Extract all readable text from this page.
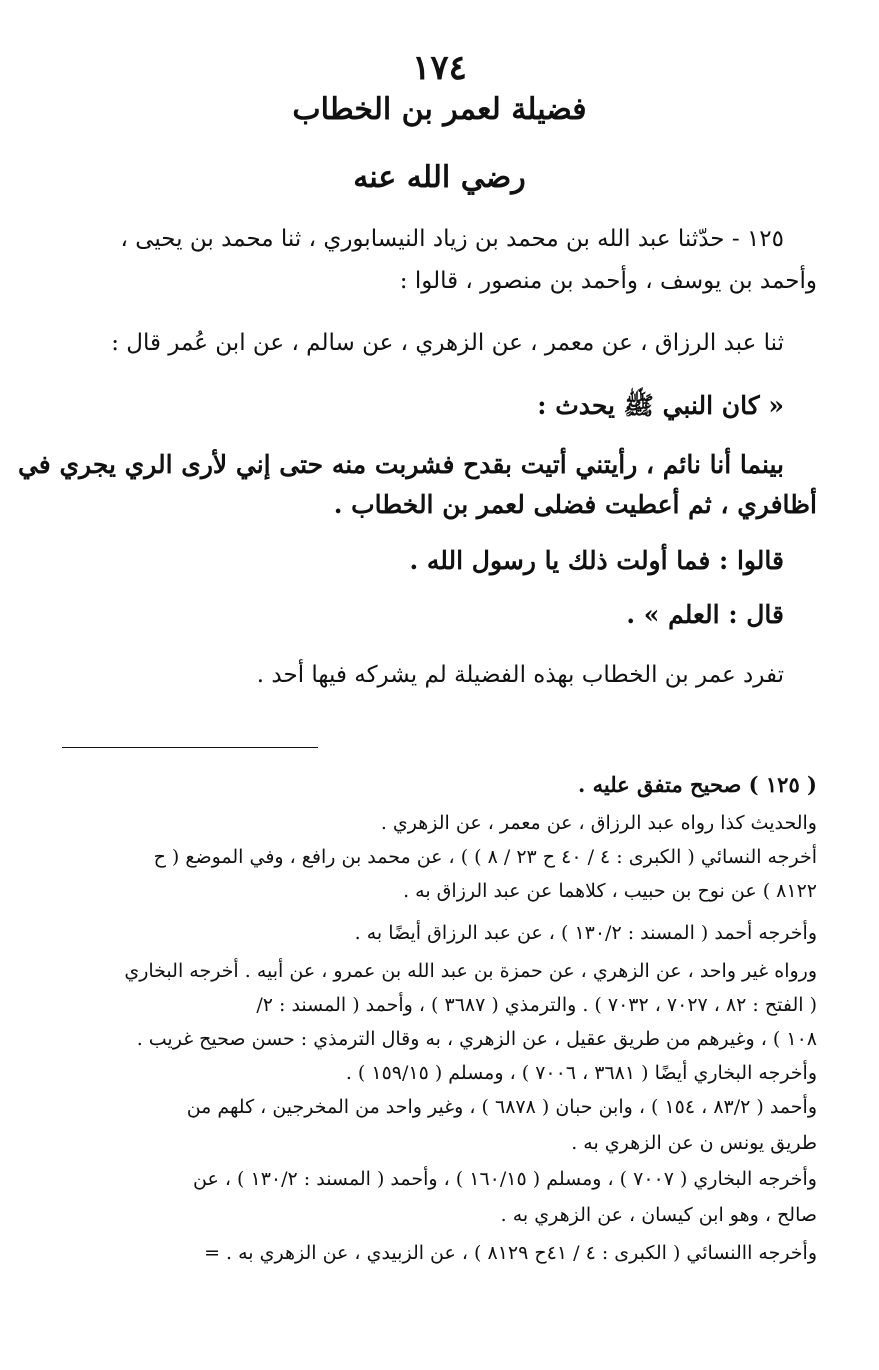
١٧٤
فضيلة لعمر بن الخطاب
رضي الله عنه
١٢٥ - حدّثنا عبد الله بن محمد بن زياد النيسابوري ، ثنا محمد بن يحيى ،
وأحمد بن يوسف ، وأحمد بن منصور ، قالوا :
ثنا عبد الرزاق ، عن معمر ، عن الزهري ، عن سالم ، عن ابن عُمر قال :
« كان النبي ﷺ يحدث :
بينما أنا نائم ، رأيتني أتيت بقدح فشربت منه حتى إني لأرى الري يجري في
أظافري ، ثم أعطيت فضلى لعمر بن الخطاب .
قالوا : فما أولت ذلك يا رسول الله .
قال : العلم » .
تفرد عمر بن الخطاب بهذه الفضيلة لم يشركه فيها أحد .
( ١٢٥ ) صحيح متفق عليه .
والحديث كذا رواه عبد الرزاق ، عن معمر ، عن الزهري .
أخرجه النسائي ( الكبرى : ٤ / ٤٠ ح ٢٣ / ٨ ) ) ، عن محمد بن رافع ، وفي الموضع ( ح
٨١٢٢ ) عن نوح بن حبيب ، كلاهما عن عبد الرزاق به .
وأخرجه أحمد ( المسند : ١٣٠/٢ ) ، عن عبد الرزاق أيضًا به .
ورواه غير واحد ، عن الزهري ، عن حمزة بن عبد الله بن عمرو ، عن أبيه . أخرجه البخاري
( الفتح : ٨٢ ، ٧٠٢٧ ، ٧٠٣٢ ) . والترمذي ( ٣٦٨٧ ) ، وأحمد ( المسند : ٢/
١٠٨ ) ، وغيرهم من طريق عقيل ، عن الزهري ، به وقال الترمذي : حسن صحيح غريب .
وأخرجه البخاري أيضًا ( ٣٦٨١ ، ٧٠٠٦ ) ، ومسلم ( ١٥٩/١٥ ) .
وأحمد ( ٨٣/٢ ، ١٥٤ ) ، وابن حبان ( ٦٨٧٨ ) ، وغير واحد من المخرجين ، كلهم من
طريق يونس ن عن الزهري به .
وأخرجه البخاري ( ٧٠٠٧ ) ، ومسلم ( ١٦٠/١٥ ) ، وأحمد ( المسند : ١٣٠/٢ ) ، عن
صالح ، وهو ابن كيسان ، عن الزهري به .
وأخرجه االنسائي ( الكبرى : ٤ / ٤١ح ٨١٢٩ ) ، عن الزبيدي ، عن الزهري به . =
